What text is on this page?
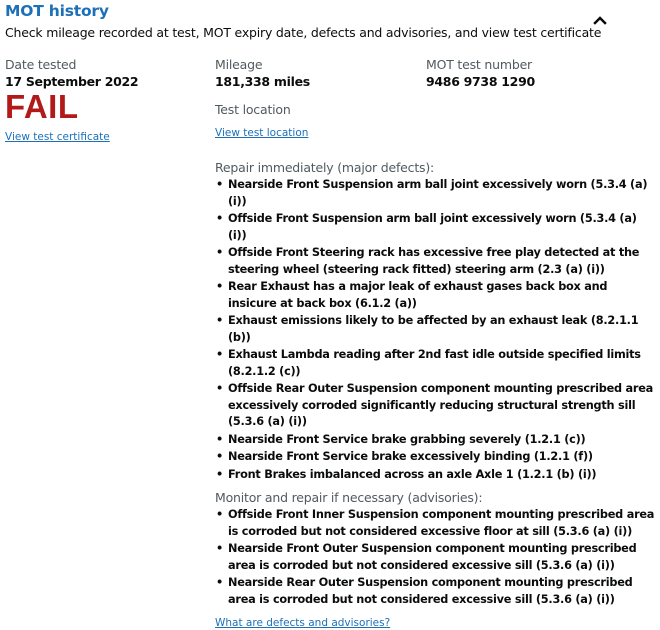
MOT history
Check mileage recorded at test, MOT expiry date, defects and advisories, and view test certificate
Date tested
17 September 2022
FAIL
View test certificate
Mileage
181,338 miles
Test location
View test location
MOT test number
9486 9738 1290
Repair immediately (major defects):
• Nearside Front Suspension arm ball joint excessively worn (5.3.4 (a) (i))
• Offside Front Suspension arm ball joint excessively worn (5.3.4 (a) (i))
• Offside Front Steering rack has excessive free play detected at the steering wheel (steering rack fitted) steering arm (2.3 (a) (i))
• Rear Exhaust has a major leak of exhaust gases back box and insicure at back box (6.1.2 (a))
• Exhaust emissions likely to be affected by an exhaust leak (8.2.1.1 (b))
• Exhaust Lambda reading after 2nd fast idle outside specified limits (8.2.1.2 (c))
• Offside Rear Outer Suspension component mounting prescribed area excessively corroded significantly reducing structural strength sill (5.3.6 (a) (i))
• Nearside Front Service brake grabbing severely (1.2.1 (c))
• Nearside Front Service brake excessively binding (1.2.1 (f))
• Front Brakes imbalanced across an axle Axle 1 (1.2.1 (b) (i))
Monitor and repair if necessary (advisories):
• Offside Front Inner Suspension component mounting prescribed area is corroded but not considered excessive floor at sill (5.3.6 (a) (i))
• Nearside Front Outer Suspension component mounting prescribed area is corroded but not considered excessive sill (5.3.6 (a) (i))
• Nearside Rear Outer Suspension component mounting prescribed area is corroded but not considered excessive sill (5.3.6 (a) (i))
What are defects and advisories?
